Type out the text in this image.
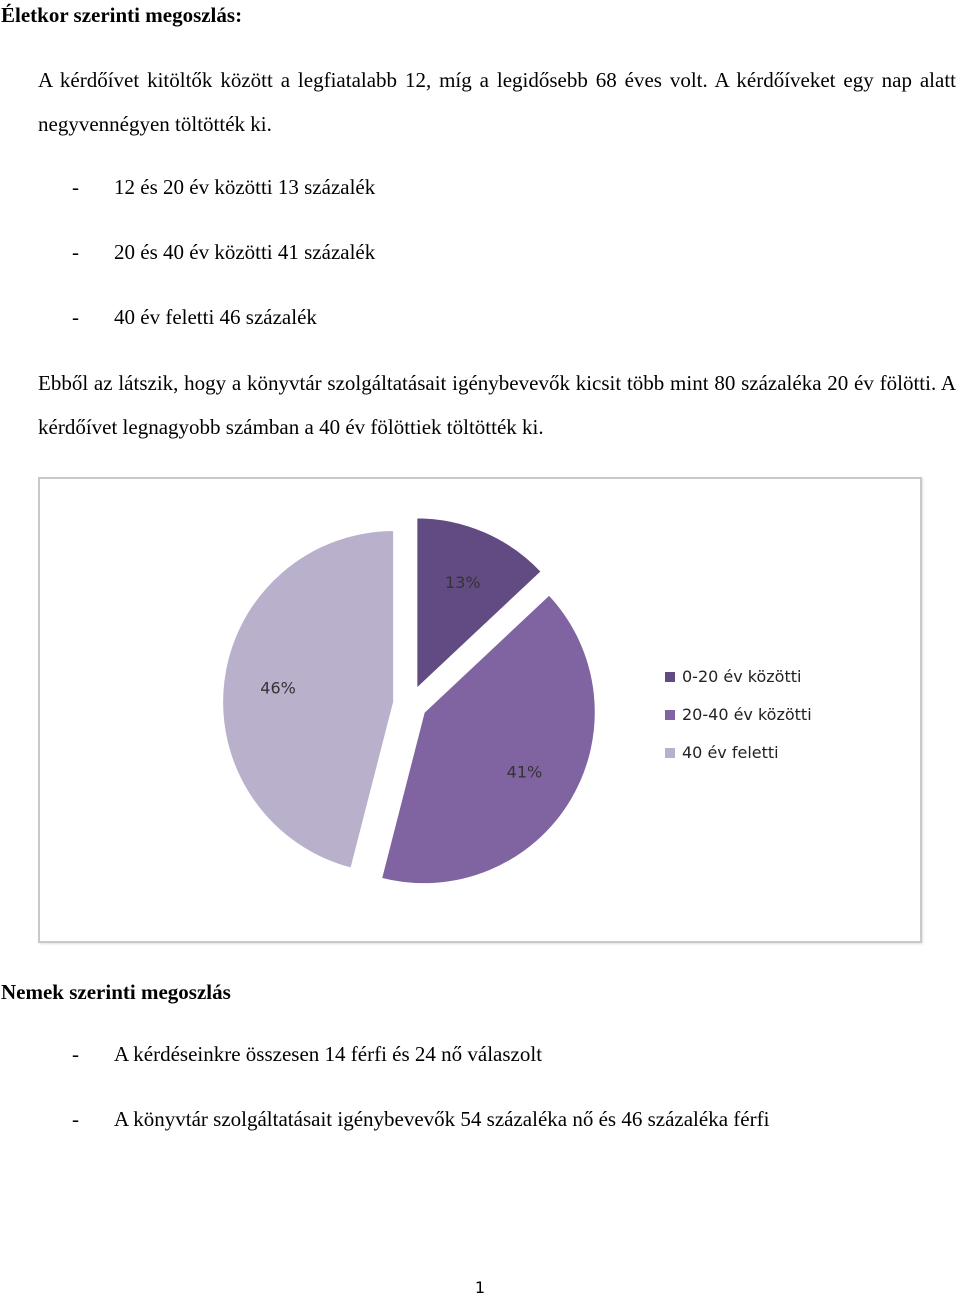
Életkor szerinti megoszlás:

A kérdőívet kitöltők között a legfiatalabb 12, míg a legidősebb 68 éves volt. A kérdőíveket egy nap alatt negyvennégyen töltötték ki.

- 12 és 20 év közötti 13 százalék
- 20 és 40 év közötti 41 százalék
- 40 év feletti 46 százalék

Ebből az látszik, hogy a könyvtár szolgáltatásait igénybevevők kicsit több mint 80 százaléka 20 év fölötti. A kérdőívet legnagyobb számban a 40 év fölöttiek töltötték ki.

13%
41%
46%
0-20 év közötti
20-40 év közötti
40 év feletti
Nemek szerinti megoszlás
- A kérdéseinkre összesen 14 férfi és 24 nő válaszolt
- A könyvtár szolgáltatásait igénybevevők 54 százaléka nő és 46 százaléka férfi
1
